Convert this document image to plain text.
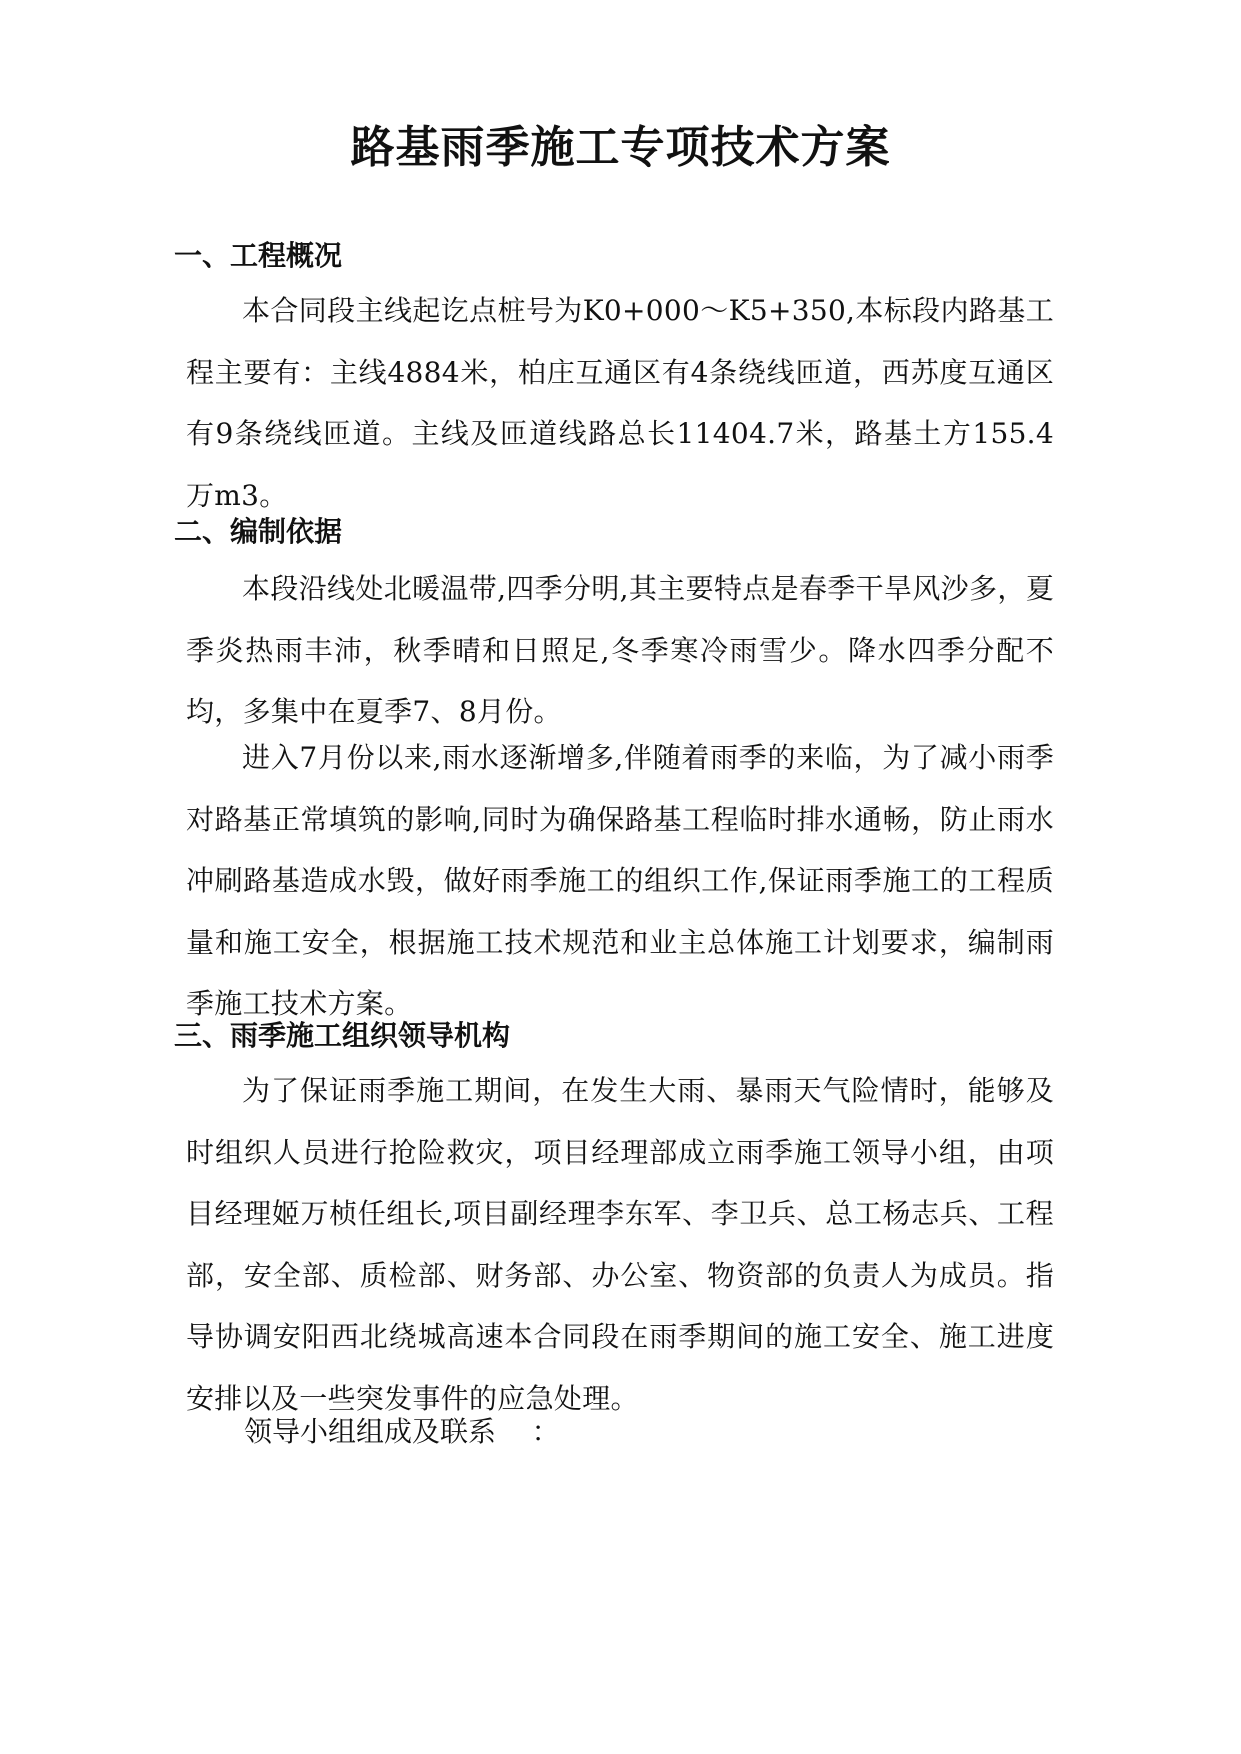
路基雨季施工专项技术方案
一、工程概况

本合同段主线起讫点桩号为K0+000～K5+350,本标段内路基工程主要有：主线4884米，柏庄互通区有4条绕线匝道，西苏度互通区有9条绕线匝道。主线及匝道线路总长11404.7米，路基土方155.4万m3。

二、编制依据

本段沿线处北暖温带,四季分明,其主要特点是春季干旱风沙多，夏季炎热雨丰沛，秋季晴和日照足,冬季寒冷雨雪少。降水四季分配不均，多集中在夏季7、8月份。

进入7月份以来,雨水逐渐增多,伴随着雨季的来临，为了减小雨季对路基正常填筑的影响,同时为确保路基工程临时排水通畅，防止雨水冲刷路基造成水毁，做好雨季施工的组织工作,保证雨季施工的工程质量和施工安全，根据施工技术规范和业主总体施工计划要求，编制雨季施工技术方案。

三、雨季施工组织领导机构

为了保证雨季施工期间，在发生大雨、暴雨天气险情时，能够及时组织人员进行抢险救灾，项目经理部成立雨季施工领导小组，由项目经理姬万桢任组长,项目副经理李东军、李卫兵、总工杨志兵、工程部，安全部、质检部、财务部、办公室、物资部的负责人为成员。指导协调安阳西北绕城高速本合同段在雨季期间的施工安全、施工进度安排以及一些突发事件的应急处理。

领导小组组成及联系    ：
